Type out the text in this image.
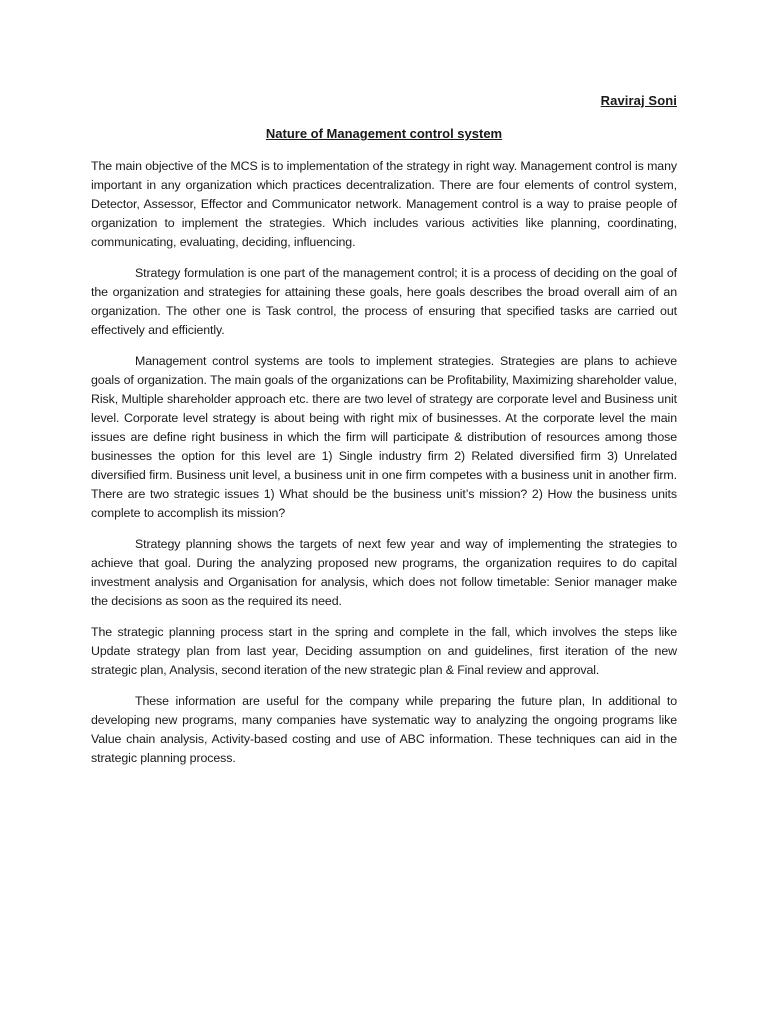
Raviraj Soni
Nature of Management control system

The main objective of the MCS is to implementation of the strategy in right way. Management control is many important in any organization which practices decentralization. There are four elements of control system, Detector, Assessor, Effector and Communicator network. Management control is a way to praise people of organization to implement the strategies. Which includes various activities like planning, coordinating, communicating, evaluating, deciding, influencing.

Strategy formulation is one part of the management control; it is a process of deciding on the goal of the organization and strategies for attaining these goals, here goals describes the broad overall aim of an organization. The other one is Task control, the process of ensuring that specified tasks are carried out effectively and efficiently.

Management control systems are tools to implement strategies. Strategies are plans to achieve goals of organization. The main goals of the organizations can be Profitability, Maximizing shareholder value, Risk, Multiple shareholder approach etc. there are two level of strategy are corporate level and Business unit level. Corporate level strategy is about being with right mix of businesses. At the corporate level the main issues are define right business in which the firm will participate & distribution of resources among those businesses the option for this level are 1) Single industry firm 2) Related diversified firm 3) Unrelated diversified firm. Business unit level, a business unit in one firm competes with a business unit in another firm. There are two strategic issues 1) What should be the business unit’s mission? 2) How the business units complete to accomplish its mission?

Strategy planning shows the targets of next few year and way of implementing the strategies to achieve that goal. During the analyzing proposed new programs, the organization requires to do capital investment analysis and Organisation for analysis, which does not follow timetable: Senior manager make the decisions as soon as the required its need.

The strategic planning process start in the spring and complete in the fall, which involves the steps like Update strategy plan from last year, Deciding assumption on and guidelines, first iteration of the new strategic plan, Analysis, second iteration of the new strategic plan & Final review and approval.

These information are useful for the company while preparing the future plan, In additional to developing new programs, many companies have systematic way to analyzing the ongoing programs like Value chain analysis, Activity-based costing and use of ABC information. These techniques can aid in the strategic planning process.
